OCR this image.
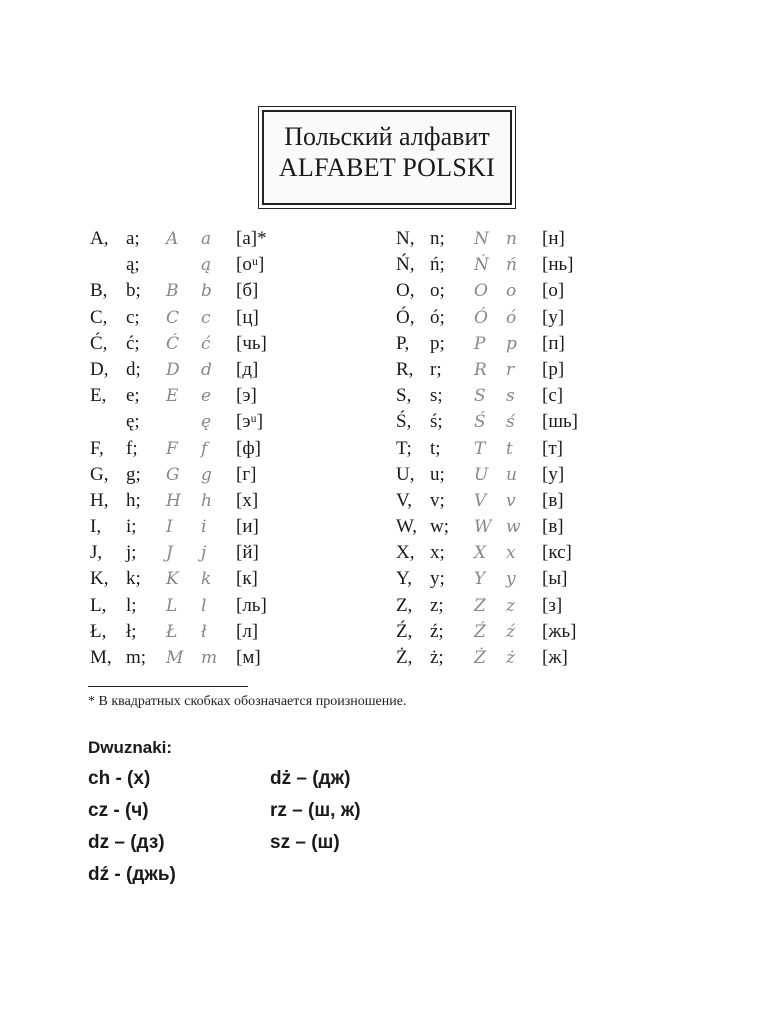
Польский алфавит
ALFABET POLSKI
A, a; A a [а]*
ą;	ą [оᵘ]
B, b; B b [б]
C, c; C c [ц]
Ć, ć; Ć ć [чь]
D, d; D d [д]
E,	e; E e [э]
ę;	ę [эᵘ]
F,	f; F f [ф]
G, g; G g [г]
H, h; H h [х]
I,	i; I i [и]
J,	j; J j [й]
K, k; K k [к]
L,	l; L l [ль]
Ł,	ł; Ł ł [л]
M, m; M m [м]
N, n; N n [н]
Ń, ń; Ń ń [нь]
O, o; O o [о]
Ó, ó; Ó ó [у]
P,	p; P p [п]
R, r; R r [р]
S, s; S s [с]
Ś, ś; Ś ś [шь]
T; t; T t [т]
U, u; U u [у]
V, v; V v [в]
W, w; W w [в]
X, x; X x [кс]
Y, y; Y y [ы]
Z, z; Z z [з]
Ź, ź; Ź ź [жь]
Ż, ż; Ż ż [ж]
* В квадратных скобках обозначается произношение.
Dwuznaki:
ch - (х)
cz - (ч)
dz – (дз)
dź - (джь)
dż – (дж)
rz – (ш, ж)
sz – (ш)
